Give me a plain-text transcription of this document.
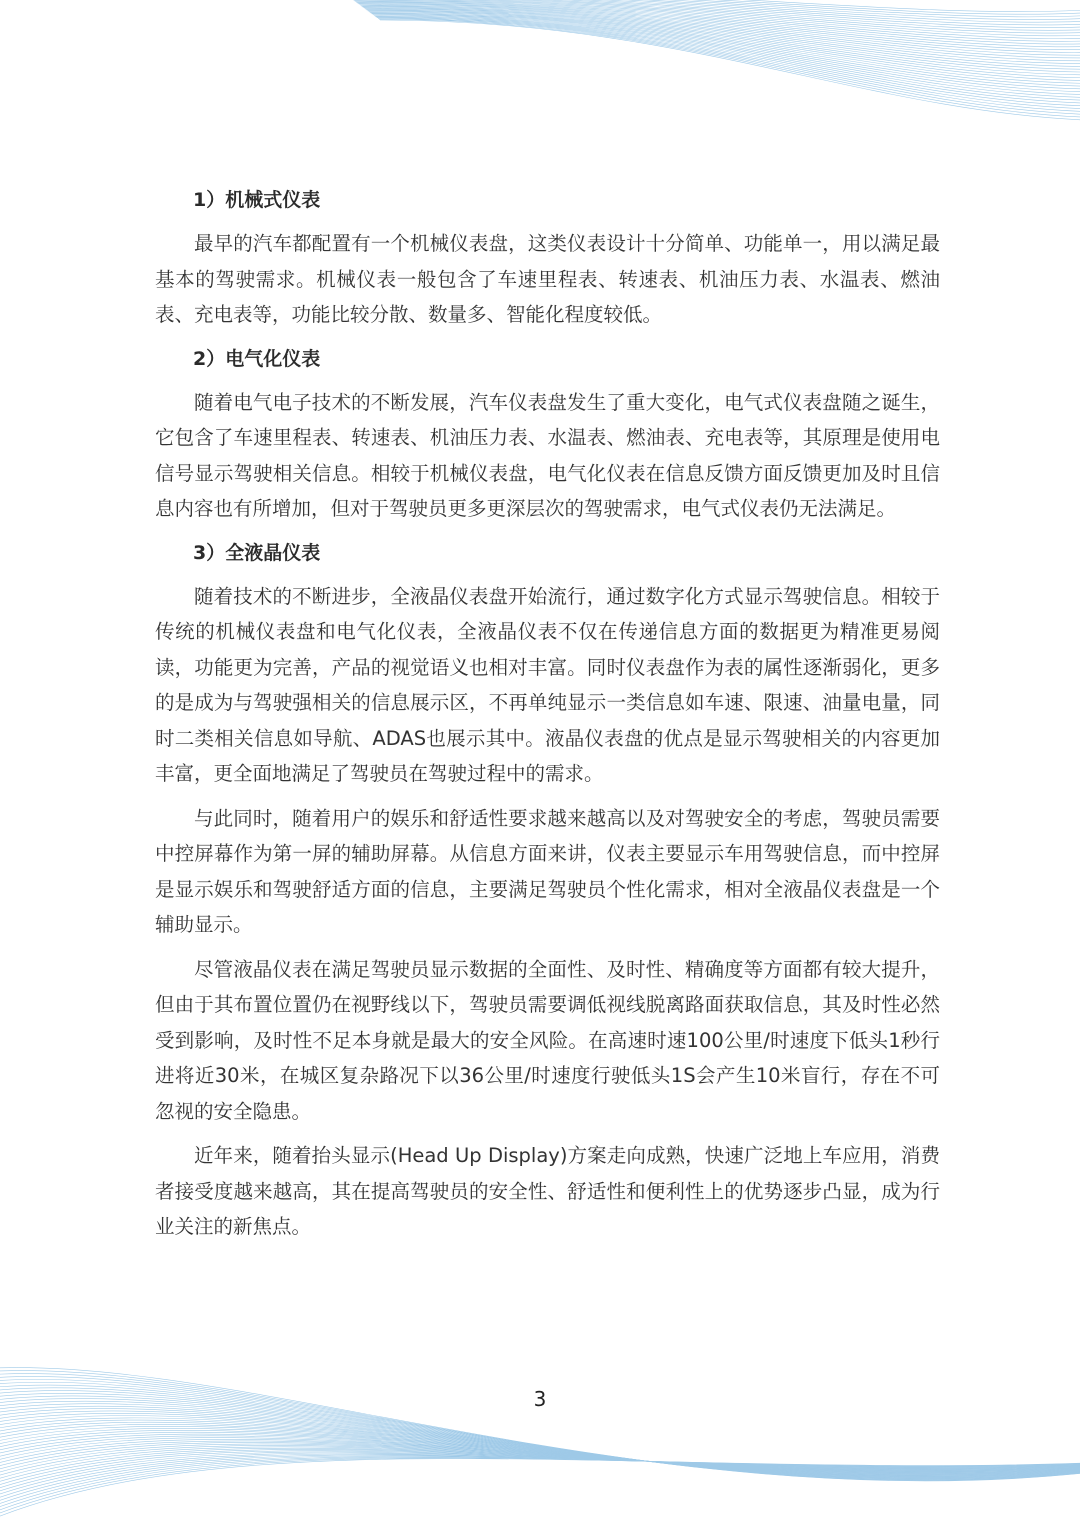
1）机械式仪表

最早的汽车都配置有一个机械仪表盘，这类仪表设计十分简单、功能单一，用以满足最基本的驾驶需求。机械仪表一般包含了车速里程表、转速表、机油压力表、水温表、燃油表、充电表等，功能比较分散、数量多、智能化程度较低。

2）电气化仪表

随着电气电子技术的不断发展，汽车仪表盘发生了重大变化，电气式仪表盘随之诞生，它包含了车速里程表、转速表、机油压力表、水温表、燃油表、充电表等，其原理是使用电信号显示驾驶相关信息。相较于机械仪表盘，电气化仪表在信息反馈方面反馈更加及时且信息内容也有所增加，但对于驾驶员更多更深层次的驾驶需求，电气式仪表仍无法满足。

3）全液晶仪表

随着技术的不断进步，全液晶仪表盘开始流行，通过数字化方式显示驾驶信息。相较于传统的机械仪表盘和电气化仪表，全液晶仪表不仅在传递信息方面的数据更为精准更易阅读，功能更为完善，产品的视觉语义也相对丰富。同时仪表盘作为表的属性逐渐弱化，更多的是成为与驾驶强相关的信息展示区，不再单纯显示一类信息如车速、限速、油量电量，同时二类相关信息如导航、ADAS也展示其中。液晶仪表盘的优点是显示驾驶相关的内容更加丰富，更全面地满足了驾驶员在驾驶过程中的需求。

与此同时，随着用户的娱乐和舒适性要求越来越高以及对驾驶安全的考虑，驾驶员需要中控屏幕作为第一屏的辅助屏幕。从信息方面来讲，仪表主要显示车用驾驶信息，而中控屏是显示娱乐和驾驶舒适方面的信息，主要满足驾驶员个性化需求，相对全液晶仪表盘是一个辅助显示。

尽管液晶仪表在满足驾驶员显示数据的全面性、及时性、精确度等方面都有较大提升，但由于其布置位置仍在视野线以下，驾驶员需要调低视线脱离路面获取信息，其及时性必然受到影响，及时性不足本身就是最大的安全风险。在高速时速100公里/时速度下低头1秒行进将近30米，在城区复杂路况下以36公里/时速度行驶低头1S会产生10米盲行，存在不可忽视的安全隐患。

近年来，随着抬头显示(Head Up Display)方案走向成熟，快速广泛地上车应用，消费者接受度越来越高，其在提高驾驶员的安全性、舒适性和便利性上的优势逐步凸显，成为行业关注的新焦点。

3
